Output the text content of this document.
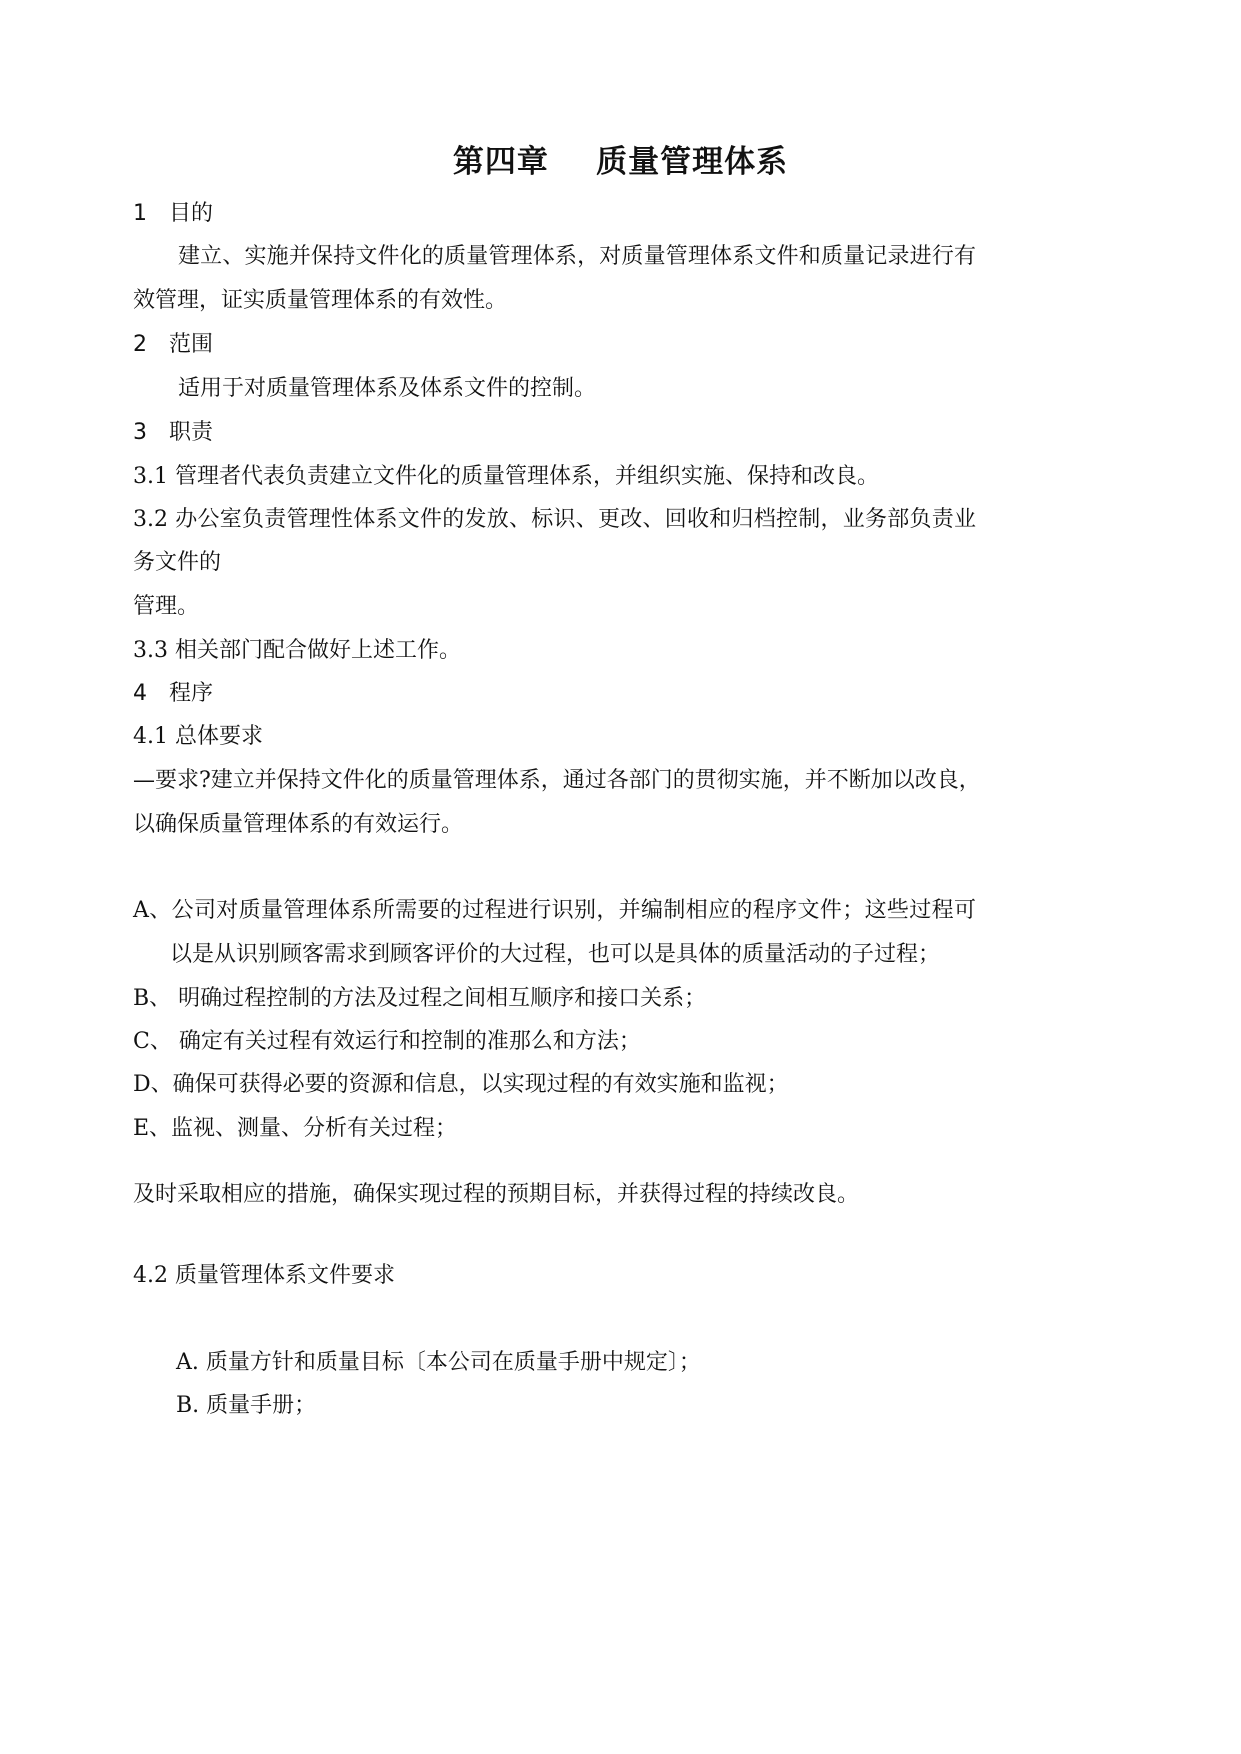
第四章    质量管理体系
1 目的
建立、实施并保持文件化的质量管理体系，对质量管理体系文件和质量记录进行有
效管理，证实质量管理体系的有效性。
2 范围
适用于对质量管理体系及体系文件的控制。
3 职责
3.1 管理者代表负责建立文件化的质量管理体系，并组织实施、保持和改良。
3.2 办公室负责管理性体系文件的发放、标识、更改、回收和归档控制，业务部负责业
务文件的
管理。
3.3 相关部门配合做好上述工作。
4 程序
4.1 总体要求
—要求?建立并保持文件化的质量管理体系，通过各部门的贯彻实施，并不断加以改良，
以确保质量管理体系的有效运行。
A、公司对质量管理体系所需要的过程进行识别，并编制相应的程序文件；这些过程可
以是从识别顾客需求到顾客评价的大过程，也可以是具体的质量活动的子过程；
B、 明确过程控制的方法及过程之间相互顺序和接口关系；
C、 确定有关过程有效运行和控制的准那么和方法；
D、确保可获得必要的资源和信息，以实现过程的有效实施和监视；
E、监视、测量、分析有关过程；
及时采取相应的措施，确保实现过程的预期目标，并获得过程的持续改良。
4.2 质量管理体系文件要求
A. 质量方针和质量目标〔本公司在质量手册中规定〕；
B. 质量手册；
